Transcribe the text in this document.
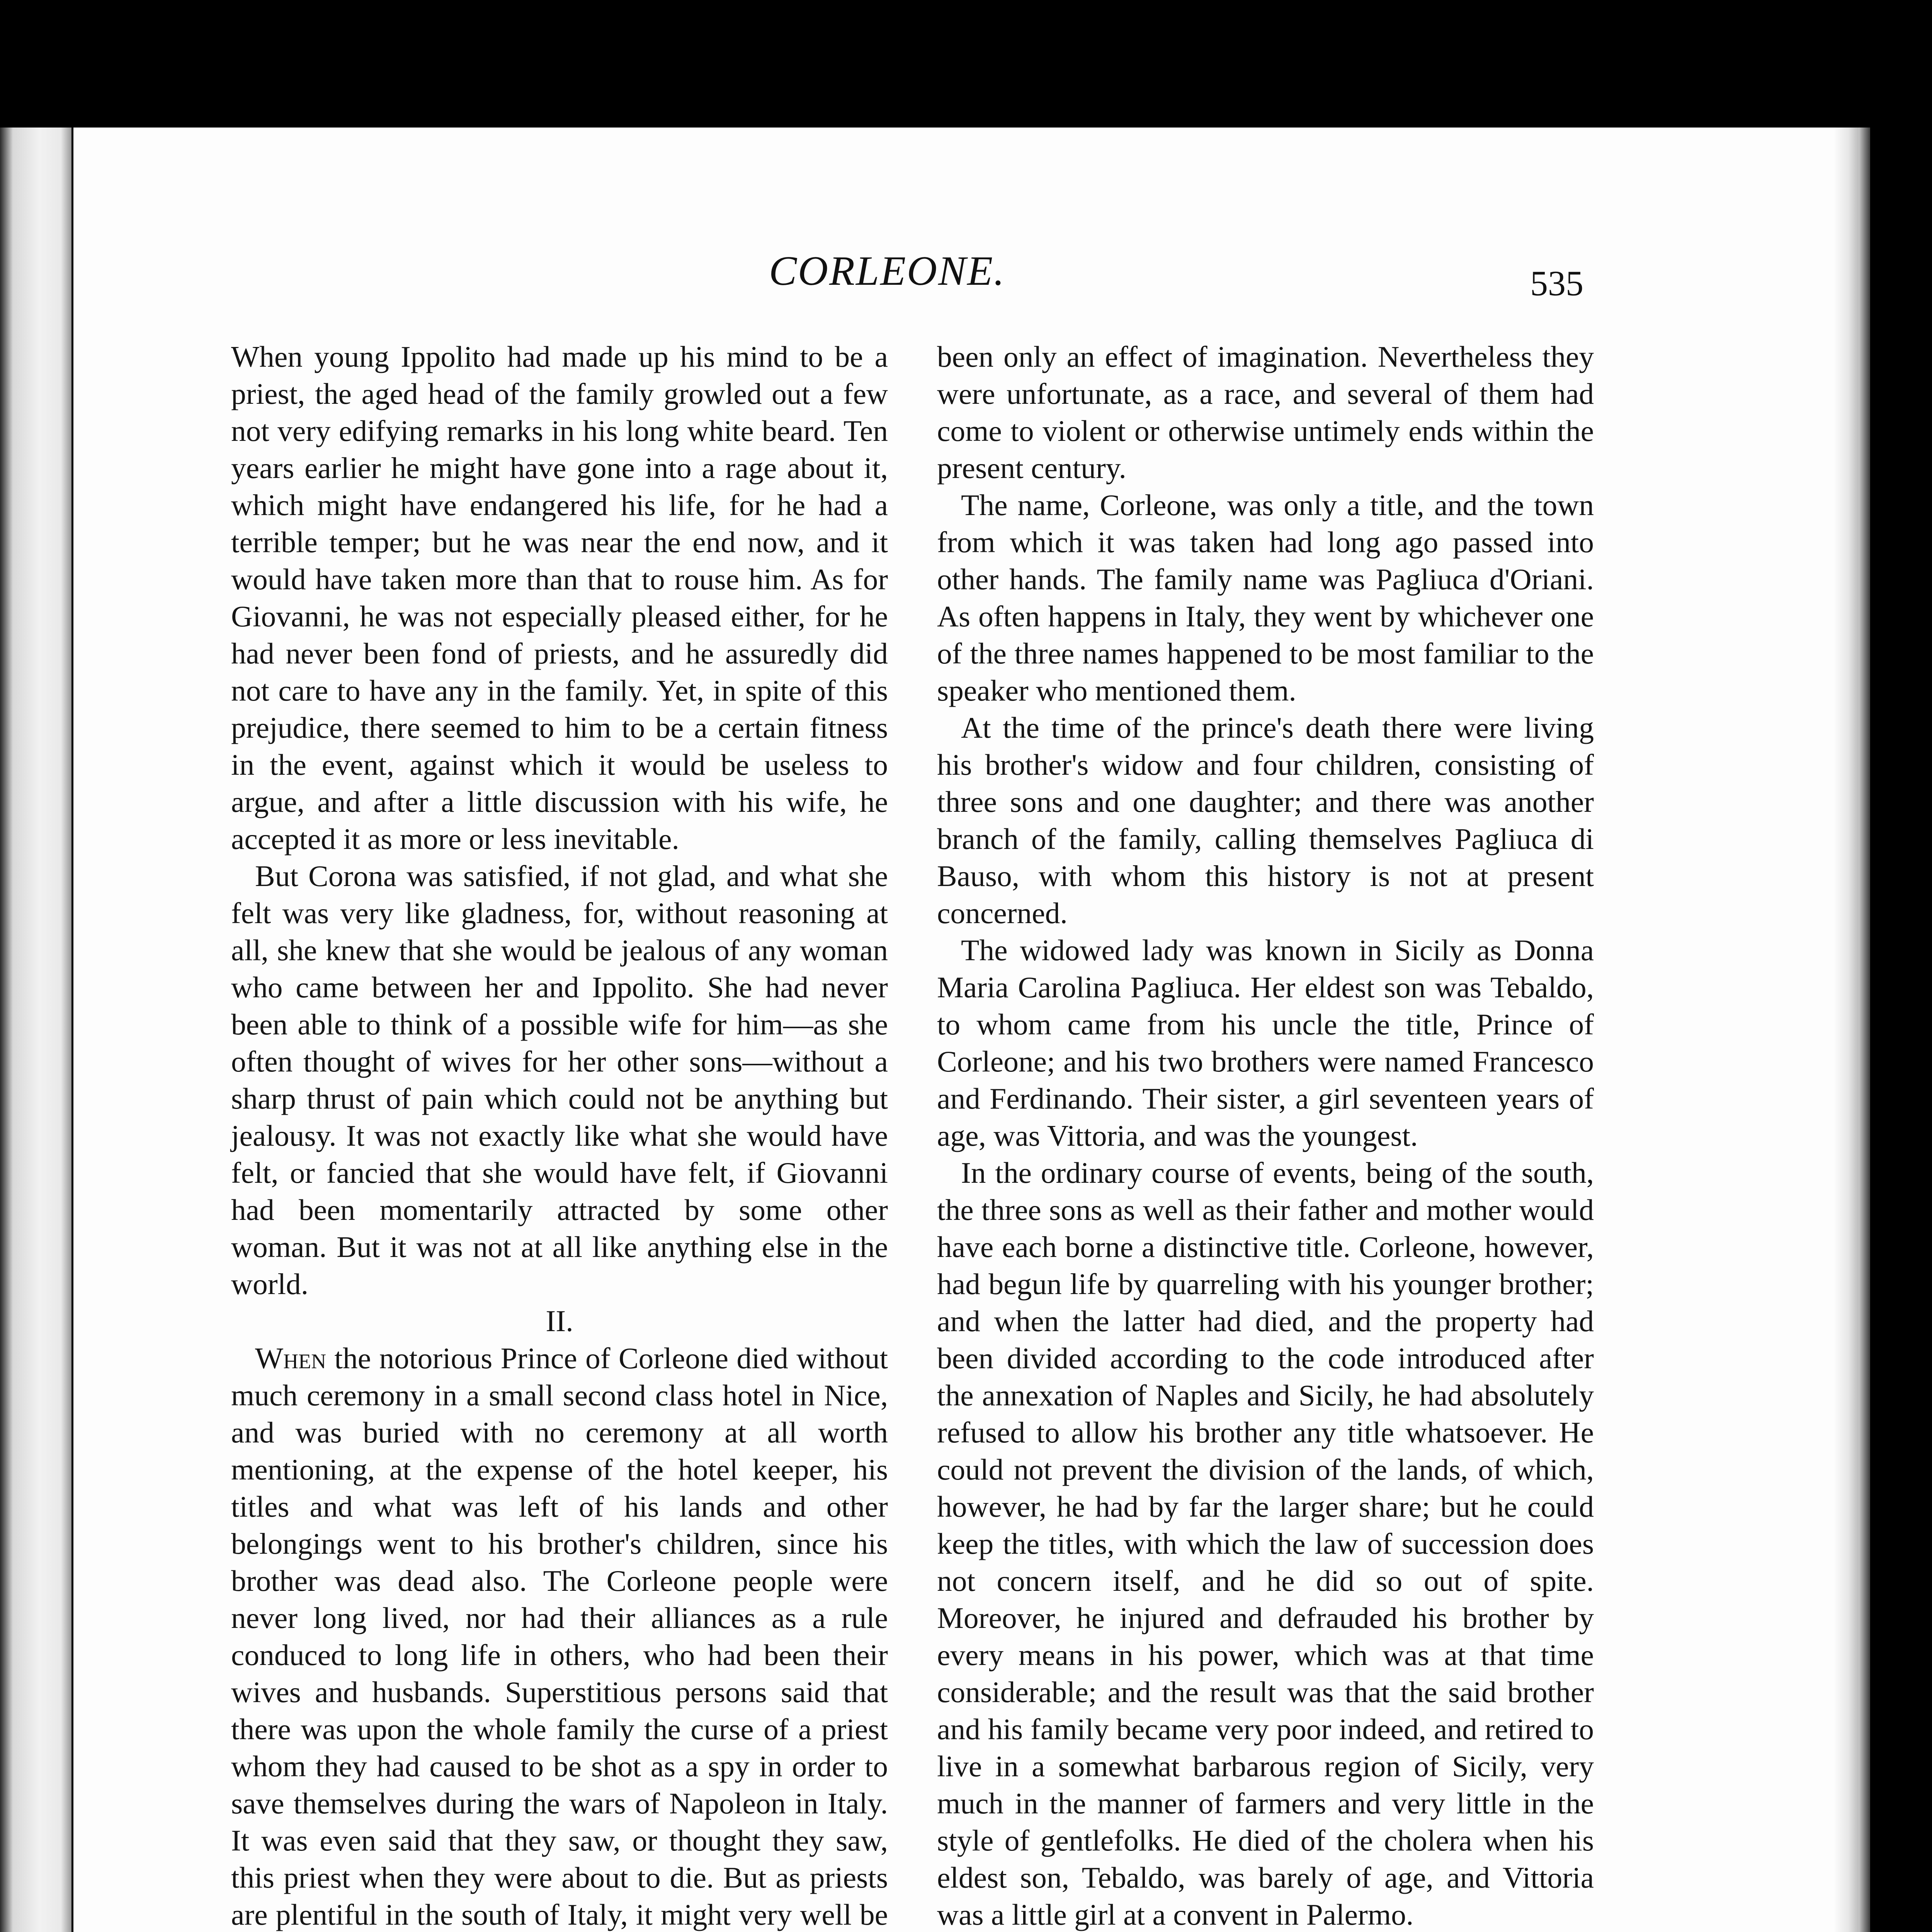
CORLEONE.	535

When young Ippolito had made up his mind to be a priest, the aged head of the family growled out a few not very edifying remarks in his long white beard. Ten years earlier he might have gone into a rage about it, which might have endangered his life, for he had a terrible temper; but he was near the end now, and it would have taken more than that to rouse him. As for Giovanni, he was not especially pleased either, for he had never been fond of priests, and he assuredly did not care to have any in the family. Yet, in spite of this prejudice, there seemed to him to be a certain fitness in the event, against which it would be useless to argue, and after a little discussion with his wife, he accepted it as more or less inevitable.

But Corona was satisfied, if not glad, and what she felt was very like gladness, for, without reasoning at all, she knew that she would be jealous of any woman who came between her and Ippolito. She had never been able to think of a possible wife for him—as she often thought of wives for her other sons—without a sharp thrust of pain which could not be anything but jealousy. It was not exactly like what she would have felt, or fancied that she would have felt, if Giovanni had been momentarily attracted by some other woman. But it was not at all like anything else in the world.

II.

When the notorious Prince of Corleone died without much ceremony in a small second class hotel in Nice, and was buried with no ceremony at all worth mentioning, at the expense of the hotel keeper, his titles and what was left of his lands and other belongings went to his brother's children, since his brother was dead also. The Corleone people were never long lived, nor had their alliances as a rule conduced to long life in others, who had been their wives and husbands. Superstitious persons said that there was upon the whole family the curse of a priest whom they had caused to be shot as a spy in order to save themselves during the wars of Napoleon in Italy. It was even said that they saw, or thought they saw, this priest when they were about to die. But as priests are plentiful in the south of Italy, it might very well be

been only an effect of imagination. Nevertheless they were unfortunate, as a race, and several of them had come to violent or otherwise untimely ends within the present century.

The name, Corleone, was only a title, and the town from which it was taken had long ago passed into other hands. The family name was Pagliuca d'Oriani. As often happens in Italy, they went by whichever one of the three names happened to be most familiar to the speaker who mentioned them.

At the time of the prince's death there were living his brother's widow and four children, consisting of three sons and one daughter; and there was another branch of the family, calling themselves Pagliuca di Bauso, with whom this history is not at present concerned.

The widowed lady was known in Sicily as Donna Maria Carolina Pagliuca. Her eldest son was Tebaldo, to whom came from his uncle the title, Prince of Corleone; and his two brothers were named Francesco and Ferdinando. Their sister, a girl seventeen years of age, was Vittoria, and was the youngest.

In the ordinary course of events, being of the south, the three sons as well as their father and mother would have each borne a distinctive title. Corleone, however, had begun life by quarreling with his younger brother; and when the latter had died, and the property had been divided according to the code introduced after the annexation of Naples and Sicily, he had absolutely refused to allow his brother any title whatsoever. He could not prevent the division of the lands, of which, however, he had by far the larger share; but he could keep the titles, with which the law of succession does not concern itself, and he did so out of spite. Moreover, he injured and defrauded his brother by every means in his power, which was at that time considerable; and the result was that the said brother and his family became very poor indeed, and retired to live in a somewhat barbarous region of Sicily, very much in the manner of farmers and very little in the style of gentlefolks. He died of the cholera when his eldest son, Tebaldo, was barely of age, and Vittoria was a little girl at a convent in Palermo.
